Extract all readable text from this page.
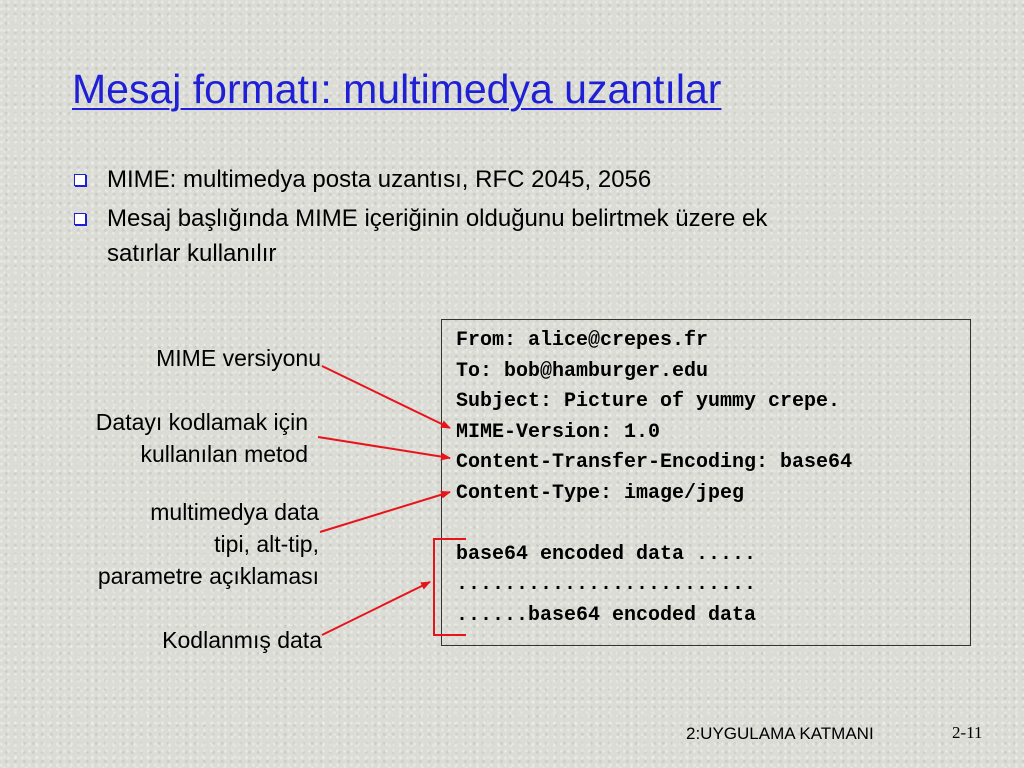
Mesaj formatı: multimedya uzantılar
MIME: multimedya posta uzantısı, RFC 2045, 2056
Mesaj başlığında MIME içeriğinin olduğunu belirtmek üzere ek satırlar kullanılır
From: alice@crepes.fr
To: bob@hamburger.edu
Subject: Picture of yummy crepe.
MIME-Version: 1.0
Content-Transfer-Encoding: base64
Content-Type: image/jpeg
base64 encoded data .....
.........................
......base64 encoded data
MIME versiyonu
Datayı kodlamak için
kullanılan metod
multimedya data
tipi, alt-tip,
parametre açıklaması
Kodlanmış data
2:UYGULAMA KATMANI	2-11
